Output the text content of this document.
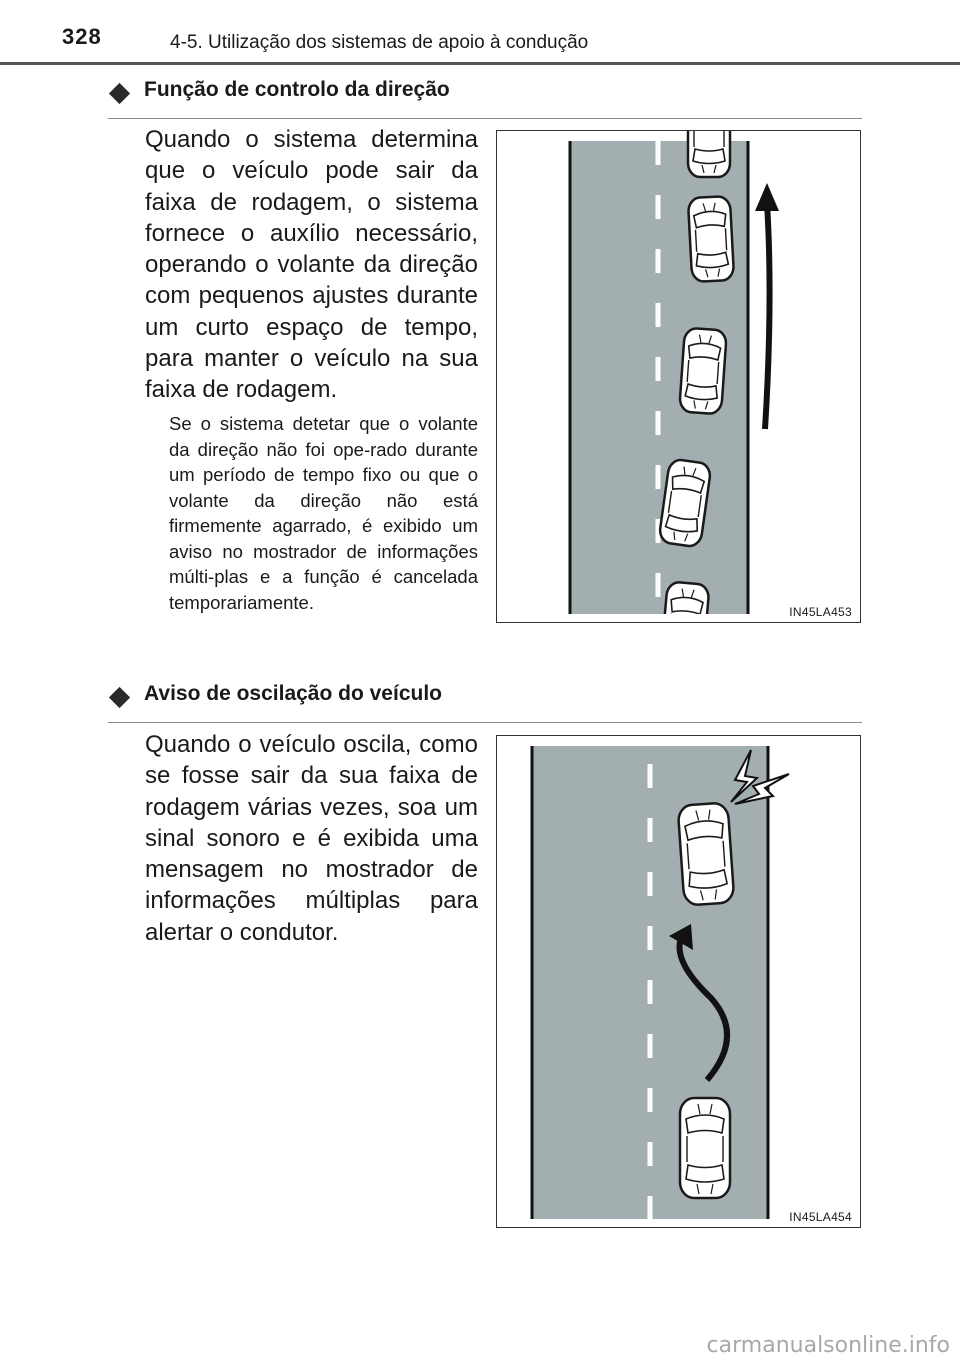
328	4-5. Utilização dos sistemas de apoio à condução
Função de controlo da direção

Quando o sistema determina que o veículo pode sair da faixa de rodagem, o sistema fornece o auxílio necessário, operando o volante da direção com pequenos ajustes durante um curto espaço de tempo, para manter o veículo na sua faixa de rodagem.

Se o sistema detetar que o volante da direção não foi ope-rado durante um período de tempo fixo ou que o volante da direção não está firmemente agarrado, é exibido um aviso no mostrador de informações múlti-plas e a função é cancelada temporariamente.	IN45LA453
Aviso de oscilação do veículo

Quando o veículo oscila, como se fosse sair da sua faixa de rodagem várias vezes, soa um sinal sonoro e é exibida uma mensagem no mostrador de informações múltiplas para alertar o condutor.

IN45LA454
carmanualsonline.info
